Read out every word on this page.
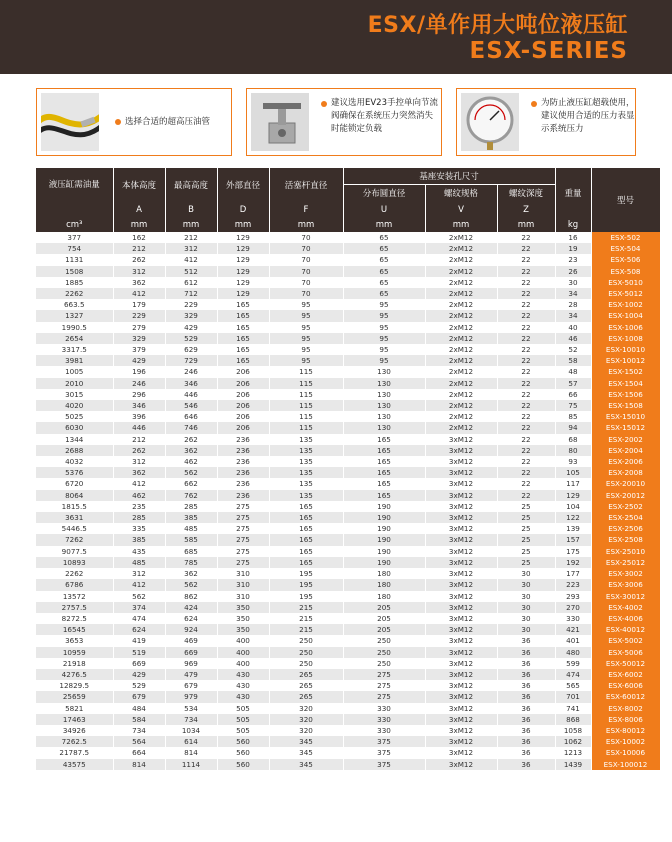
ESX/单作用大吨位液压缸
ESX-SERIES
选择合适的超高压油管
建议选用EV23手控单向节流阀确保在系统压力突然消失时能锁定负载
为防止液压缸超载使用，建议使用合适的压力表显示系统压力
液压缸需油量	本体高度	最高高度	外部直径	活塞杆直径	基座安装孔尺寸			重量	型号
					分布圆直径	螺纹规格	螺纹深度		
	A	B	D	F	U	V	Z		
cm³	mm	mm	mm	mm	mm	mm	mm	kg	
377	162	212	129	70	65	2xM12	22	16	ESX-502
754	212	312	129	70	65	2xM12	22	19	ESX-504
1131	262	412	129	70	65	2xM12	22	23	ESX-506
1508	312	512	129	70	65	2xM12	22	26	ESX-508
1885	362	612	129	70	65	2xM12	22	30	ESX-5010
2262	412	712	129	70	65	2xM12	22	34	ESX-5012
663.5	179	229	165	95	95	2xM12	22	28	ESX-1002
1327	229	329	165	95	95	2xM12	22	34	ESX-1004
1990.5	279	429	165	95	95	2xM12	22	40	ESX-1006
2654	329	529	165	95	95	2xM12	22	46	ESX-1008
3317.5	379	629	165	95	95	2xM12	22	52	ESX-10010
3981	429	729	165	95	95	2xM12	22	58	ESX-10012
1005	196	246	206	115	130	2xM12	22	48	ESX-1502
2010	246	346	206	115	130	2xM12	22	57	ESX-1504
3015	296	446	206	115	130	2xM12	22	66	ESX-1506
4020	346	546	206	115	130	2xM12	22	75	ESX-1508
5025	396	646	206	115	130	2xM12	22	85	ESX-15010
6030	446	746	206	115	130	2xM12	22	94	ESX-15012
1344	212	262	236	135	165	3xM12	22	68	ESX-2002
2688	262	362	236	135	165	3xM12	22	80	ESX-2004
4032	312	462	236	135	165	3xM12	22	93	ESX-2006
5376	362	562	236	135	165	3xM12	22	105	ESX-2008
6720	412	662	236	135	165	3xM12	22	117	ESX-20010
8064	462	762	236	135	165	3xM12	22	129	ESX-20012
1815.5	235	285	275	165	190	3xM12	25	104	ESX-2502
3631	285	385	275	165	190	3xM12	25	122	ESX-2504
5446.5	335	485	275	165	190	3xM12	25	139	ESX-2506
7262	385	585	275	165	190	3xM12	25	157	ESX-2508
9077.5	435	685	275	165	190	3xM12	25	175	ESX-25010
10893	485	785	275	165	190	3xM12	25	192	ESX-25012
2262	312	362	310	195	180	3xM12	30	177	ESX-3002
6786	412	562	310	195	180	3xM12	30	223	ESX-3006
13572	562	862	310	195	180	3xM12	30	293	ESX-30012
2757.5	374	424	350	215	205	3xM12	30	270	ESX-4002
8272.5	474	624	350	215	205	3xM12	30	330	ESX-4006
16545	624	924	350	215	205	3xM12	30	421	ESX-40012
3653	419	469	400	250	250	3xM12	36	401	ESX-5002
10959	519	669	400	250	250	3xM12	36	480	ESX-5006
21918	669	969	400	250	250	3xM12	36	599	ESX-50012
4276.5	429	479	430	265	275	3xM12	36	474	ESX-6002
12829.5	529	679	430	265	275	3xM12	36	565	ESX-6006
25659	679	979	430	265	275	3xM12	36	701	ESX-60012
5821	484	534	505	320	330	3xM12	36	741	ESX-8002
17463	584	734	505	320	330	3xM12	36	868	ESX-8006
34926	734	1034	505	320	330	3xM12	36	1058	ESX-80012
7262.5	564	614	560	345	375	3xM12	36	1062	ESX-10002
21787.5	664	814	560	345	375	3xM12	36	1213	ESX-10006
43575	814	1114	560	345	375	3xM12	36	1439	ESX-100012
